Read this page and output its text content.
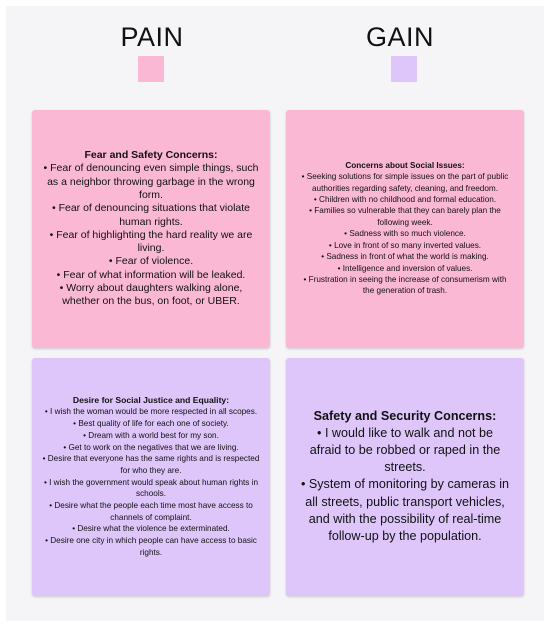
PAIN	GAIN
Fear and Safety Concerns:
• Fear of denouncing even simple things, such as a neighbor throwing garbage in the wrong form.
• Fear of denouncing situations that violate human rights.
• Fear of highlighting the hard reality we are living.
• Fear of violence.
• Fear of what information will be leaked.
• Worry about daughters walking alone, whether on the bus, on foot, or UBER.
Concerns about Social Issues:
• Seeking solutions for simple issues on the part of public authorities regarding safety, cleaning, and freedom.
• Children with no childhood and formal education.
• Families so vulnerable that they can barely plan the following week.
• Sadness with so much violence.
• Love in front of so many inverted values.
• Sadness in front of what the world is making.
• Intelligence and inversion of values.
• Frustration in seeing the increase of consumerism with the generation of trash.
Desire for Social Justice and Equality:
• I wish the woman would be more respected in all scopes.
• Best quality of life for each one of society.
• Dream with a world best for my son.
• Get to work on the negatives that we are living.
• Desire that everyone has the same rights and is respected for who they are.
• I wish the government would speak about human rights in schools.
• Desire what the people each time most have access to channels of complaint.
• Desire what the violence be exterminated.
• Desire one city in which people can have access to basic rights.
Safety and Security Concerns:
• I would like to walk and not be afraid to be robbed or raped in the streets.
• System of monitoring by cameras in all streets, public transport vehicles, and with the possibility of real-time follow-up by the population.
